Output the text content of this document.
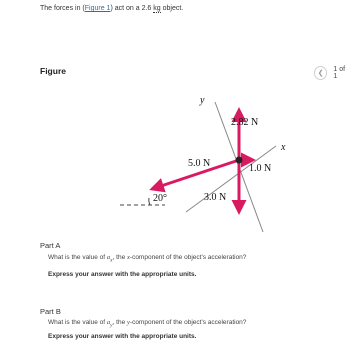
The forces in (Figure 1) act on a 2.6 kg object.
Figure	❮
1 of 1
y
x
2.82 N
1.0 N
5.0 N
3.0 N
20°
Part A
What is the value of $a_x$, the x-component of the object's acceleration?
Express your answer with the appropriate units.
Part B
What is the value of $a_y$, the y-component of the object's acceleration?
Express your answer with the appropriate units.
